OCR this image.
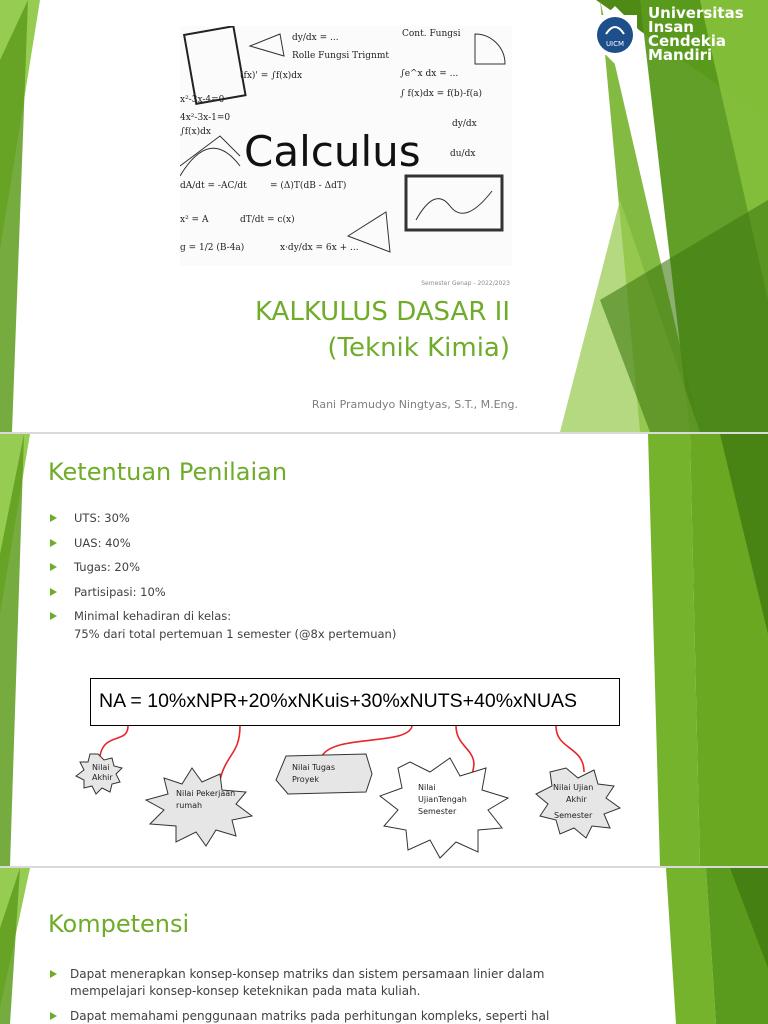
dy/dx = ...
Rolle Fungsi Trignmt
Cont. Fungsi
(fx)' = ∫f(x)dx	∫e^x dx = ...
x²-3x-4=0
4x²-3x-1=0
∫f(x)dx
∫ f(x)dx = f(b)-f(a)
dy/dx
du/dx
dA/dt = -AC/dt	= (Δ)T(dB - ΔdT)
x² = A	dT/dt = c(x)
g = 1/2 (B-4a)	x·dy/dx = 6x + ...
Calculus
Semester Genap - 2022/2023
KALKULUS DASAR II
(Teknik Kimia)
Rani Pramudyo Ningtyas, S.T., M.Eng.
UICM
Universitas
Insan
Cendekia
Mandiri
Ketentuan Penilaian
UTS: 30%
UAS: 40%
Tugas: 20%
Partisipasi: 10%
Minimal kehadiran di kelas:
75% dari total pertemuan 1 semester (@8x pertemuan)
NA = 10%xNPR+20%xNKuis+30%xNUTS+40%xNUAS
Nilai
Akhir
Nilai Pekerjaan
rumah
Nilai Tugas
Proyek
Nilai
UjianTengah
Semester
Nilai Ujian
Akhir
Semester
Kompetensi
Dapat menerapkan konsep-konsep matriks dan sistem persamaan linier dalam mempelajari konsep-konsep keteknikan pada mata kuliah.
Dapat memahami penggunaan matriks pada perhitungan kompleks, seperti hal
